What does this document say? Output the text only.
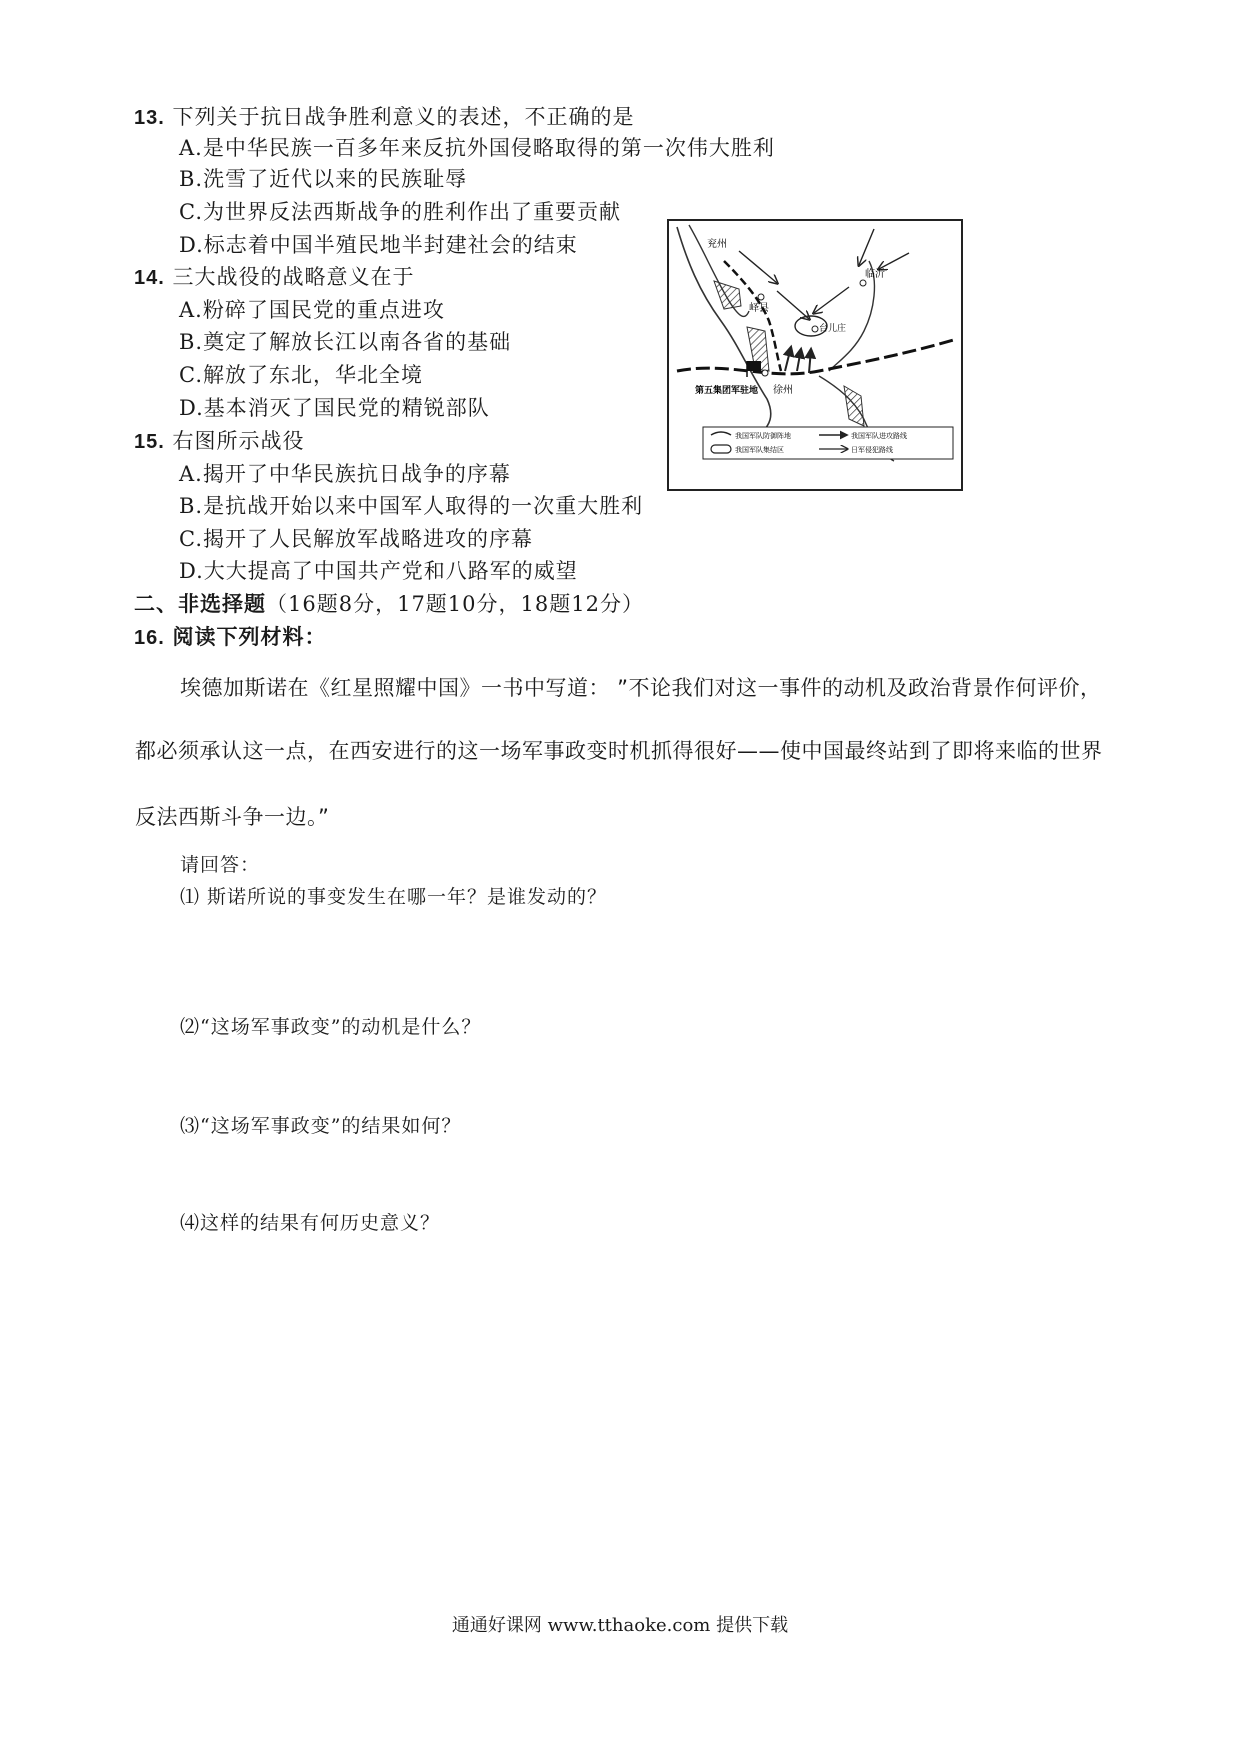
13. 下列关于抗日战争胜利意义的表述，不正确的是
A.是中华民族一百多年来反抗外国侵略取得的第一次伟大胜利
B.洗雪了近代以来的民族耻辱
C.为世界反法西斯战争的胜利作出了重要贡献
D.标志着中国半殖民地半封建社会的结束
14. 三大战役的战略意义在于
A.粉碎了国民党的重点进攻
B.奠定了解放长江以南各省的基础
C.解放了东北，华北全境
D.基本消灭了国民党的精锐部队
15. 右图所示战役
A.揭开了中华民族抗日战争的序幕
B.是抗战开始以来中国军人取得的一次重大胜利
C.揭开了人民解放军战略进攻的序幕
D.大大提高了中国共产党和八路军的威望
兖州
峄县
临沂
台儿庄
第五集团军驻地 徐州
我国军队防御阵地
我国军队集结区
我国军队进攻路线
日军侵犯路线
二、非选择题（16题8分，17题10分，18题12分）
16. 阅读下列材料：
埃德加斯诺在《红星照耀中国》一书中写道： ”不论我们对这一事件的动机及政治背景作何评价，
都必须承认这一点，在西安进行的这一场军事政变时机抓得很好——使中国最终站到了即将来临的世界
反法西斯斗争一边。”
请回答：
⑴ 斯诺所说的事变发生在哪一年？是谁发动的？
⑵“这场军事政变”的动机是什么？
⑶“这场军事政变”的结果如何？
⑷这样的结果有何历史意义？
通通好课网 www.tthaoke.com 提供下载
